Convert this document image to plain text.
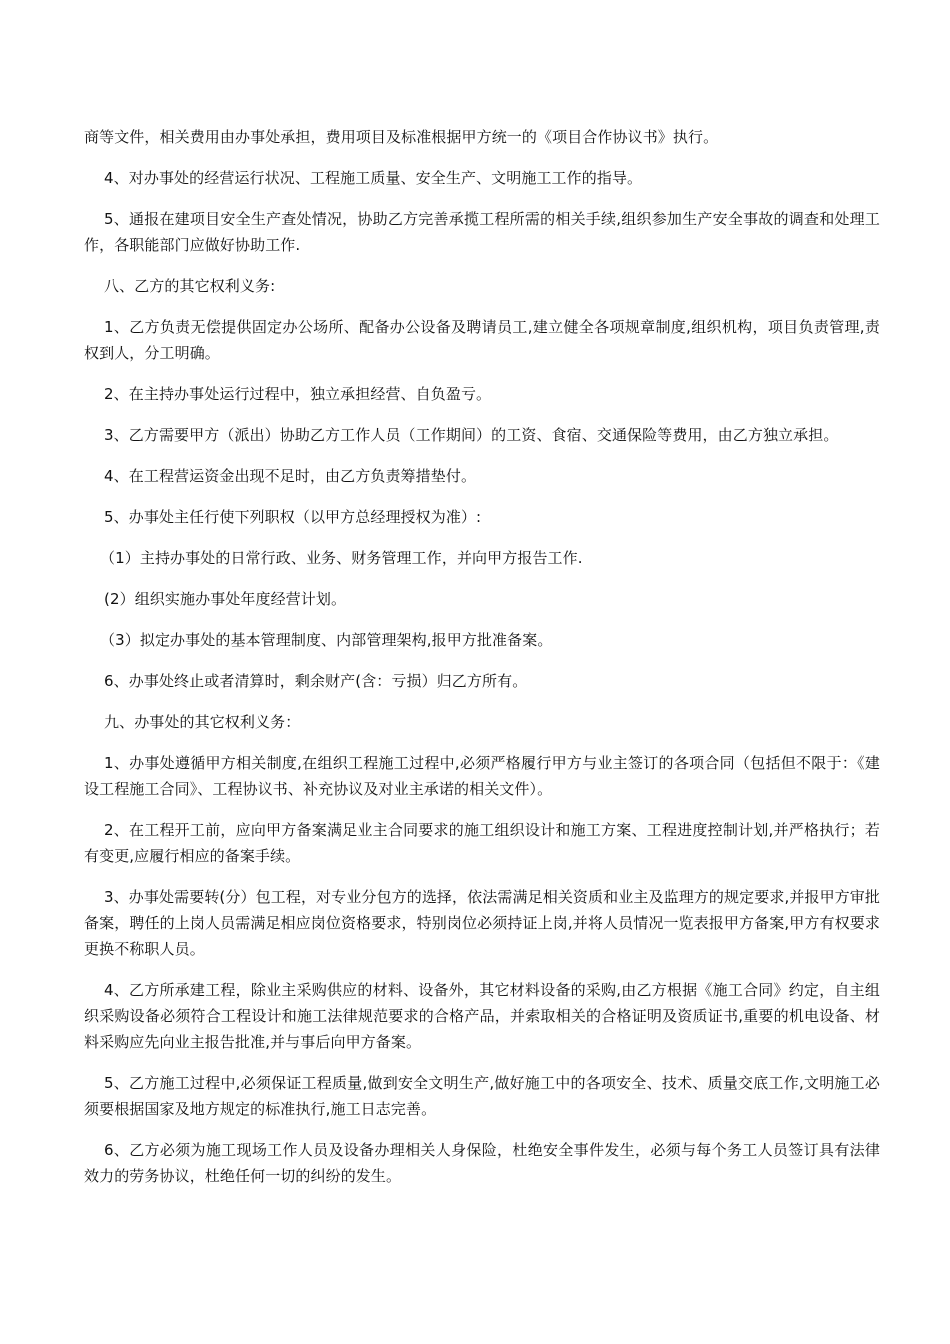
商等文件，相关费用由办事处承担，费用项目及标准根据甲方统一的《项目合作协议书》执行。

4、对办事处的经营运行状况、工程施工质量、安全生产、文明施工工作的指导。

5、通报在建项目安全生产查处情况，协助乙方完善承揽工程所需的相关手续,组织参加生产安全事故的调查和处理工作，各职能部门应做好协助工作.

八、乙方的其它权利义务:

1、乙方负责无偿提供固定办公场所、配备办公设备及聘请员工,建立健全各项规章制度,组织机构，项目负责管理,责权到人，分工明确。

2、在主持办事处运行过程中，独立承担经营、自负盈亏。

3、乙方需要甲方（派出）协助乙方工作人员（工作期间）的工资、食宿、交通保险等费用，由乙方独立承担。

4、在工程营运资金出现不足时，由乙方负责筹措垫付。

5、办事处主任行使下列职权（以甲方总经理授权为准）:

（1）主持办事处的日常行政、业务、财务管理工作，并向甲方报告工作.

(2）组织实施办事处年度经营计划。

（3）拟定办事处的基本管理制度、内部管理架构,报甲方批准备案。

6、办事处终止或者清算时，剩余财产(含：亏损）归乙方所有。

九、办事处的其它权利义务：

1、办事处遵循甲方相关制度,在组织工程施工过程中,必须严格履行甲方与业主签订的各项合同（包括但不限于：《建设工程施工合同》、工程协议书、补充协议及对业主承诺的相关文件）。

2、在工程开工前，应向甲方备案满足业主合同要求的施工组织设计和施工方案、工程进度控制计划,并严格执行；若有变更,应履行相应的备案手续。

3、办事处需要转(分）包工程，对专业分包方的选择，依法需满足相关资质和业主及监理方的规定要求,并报甲方审批备案，聘任的上岗人员需满足相应岗位资格要求，特别岗位必须持证上岗,并将人员情况一览表报甲方备案,甲方有权要求更换不称职人员。

4、乙方所承建工程，除业主采购供应的材料、设备外，其它材料设备的采购,由乙方根据《施工合同》约定，自主组织采购设备必须符合工程设计和施工法律规范要求的合格产品，并索取相关的合格证明及资质证书,重要的机电设备、材料采购应先向业主报告批准,并与事后向甲方备案。

5、乙方施工过程中,必须保证工程质量,做到安全文明生产,做好施工中的各项安全、技术、质量交底工作,文明施工必须要根据国家及地方规定的标准执行,施工日志完善。

6、乙方必须为施工现场工作人员及设备办理相关人身保险，杜绝安全事件发生，必须与每个务工人员签订具有法律效力的劳务协议，杜绝任何一切的纠纷的发生。
